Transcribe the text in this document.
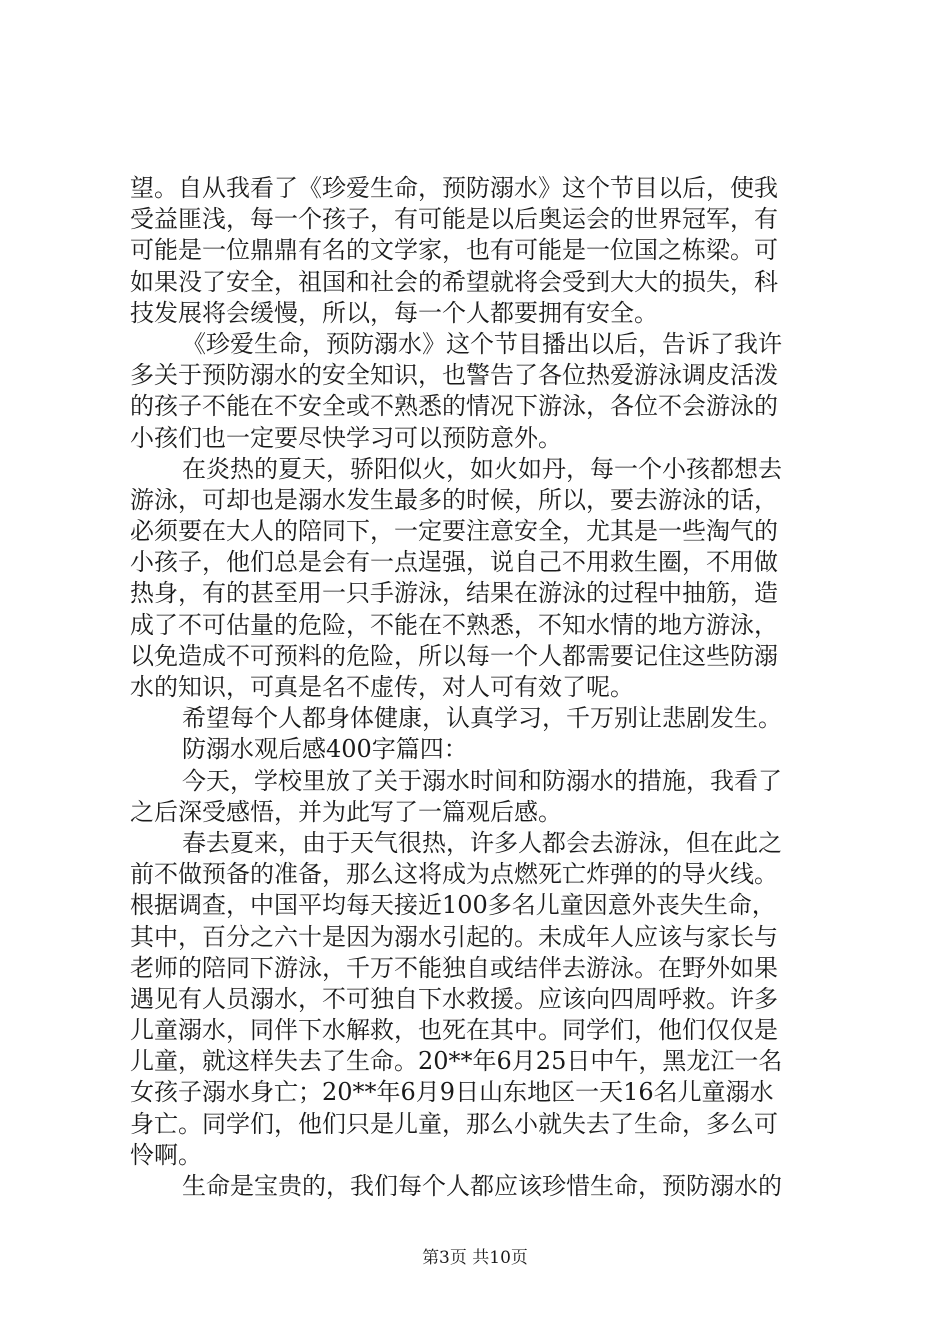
望。自从我看了《珍爱生命，预防溺水》这个节目以后，使我
受益匪浅，每一个孩子，有可能是以后奥运会的世界冠军，有
可能是一位鼎鼎有名的文学家，也有可能是一位国之栋梁。可
如果没了安全，祖国和社会的希望就将会受到大大的损失，科
技发展将会缓慢，所以，每一个人都要拥有安全。
《珍爱生命，预防溺水》这个节目播出以后，告诉了我许
多关于预防溺水的安全知识，也警告了各位热爱游泳调皮活泼
的孩子不能在不安全或不熟悉的情况下游泳，各位不会游泳的
小孩们也一定要尽快学习可以预防意外。
在炎热的夏天，骄阳似火，如火如丹，每一个小孩都想去
游泳，可却也是溺水发生最多的时候，所以，要去游泳的话，
必须要在大人的陪同下，一定要注意安全，尤其是一些淘气的
小孩子，他们总是会有一点逞强，说自己不用救生圈，不用做
热身，有的甚至用一只手游泳，结果在游泳的过程中抽筋，造
成了不可估量的危险，不能在不熟悉，不知水情的地方游泳，
以免造成不可预料的危险，所以每一个人都需要记住这些防溺
水的知识，可真是名不虚传，对人可有效了呢。
希望每个人都身体健康，认真学习，千万别让悲剧发生。
防溺水观后感400字篇四：
今天，学校里放了关于溺水时间和防溺水的措施，我看了
之后深受感悟，并为此写了一篇观后感。
春去夏来，由于天气很热，许多人都会去游泳，但在此之
前不做预备的准备，那么这将成为点燃死亡炸弹的的导火线。
根据调查，中国平均每天接近100多名儿童因意外丧失生命，
其中，百分之六十是因为溺水引起的。未成年人应该与家长与
老师的陪同下游泳，千万不能独自或结伴去游泳。在野外如果
遇见有人员溺水，不可独自下水救援。应该向四周呼救。许多
儿童溺水，同伴下水解救，也死在其中。同学们，他们仅仅是
儿童，就这样失去了生命。20**年6月25日中午，黑龙江一名
女孩子溺水身亡；20**年6月9日山东地区一天16名儿童溺水
身亡。同学们，他们只是儿童，那么小就失去了生命，多么可
怜啊。
生命是宝贵的，我们每个人都应该珍惜生命，预防溺水的
第3页 共10页
